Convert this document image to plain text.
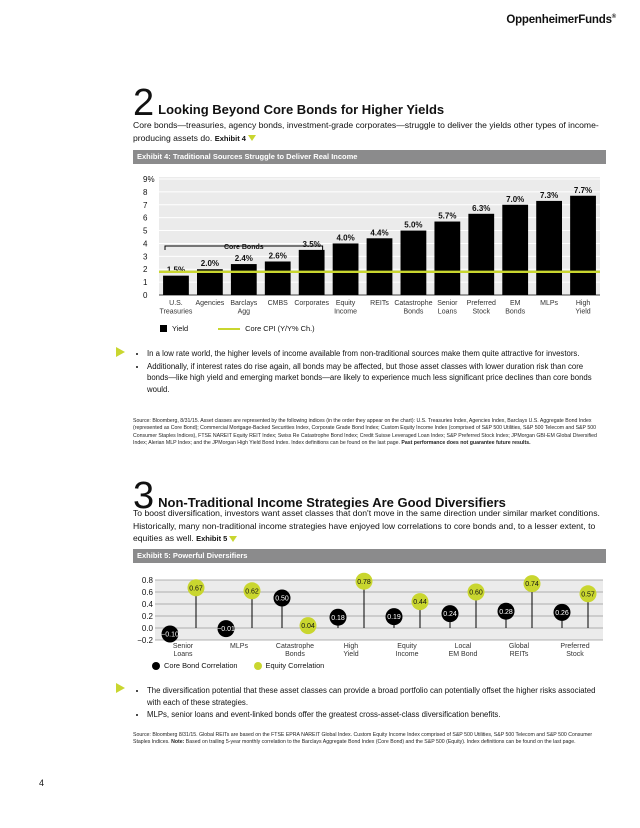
OppenheimerFunds®
2 Looking Beyond Core Bonds for Higher Yields
Core bonds—treasuries, agency bonds, investment-grade corporates—struggle to deliver the yields other types of income-producing assets do. Exhibit 4
Exhibit 4: Traditional Sources Struggle to Deliver Real Income
0
1
2
3
4
5
6
7
8
9%
1.5%
U.S.
Treasuries
2.0%
Agencies
2.4%
Barclays
Agg
2.6%
CMBS
3.5%
Corporates
4.0%
Equity
Income
4.4%
REITs
5.0%
Catastrophe
Bonds
5.7%
Senior
Loans
6.3%
Preferred
Stock
7.0%
EM
Bonds
7.3%
MLPs
7.7%
High
Yield
Core Bonds
Yield	Core CPI (Y/Y% Ch.)
• In a low rate world, the higher levels of income available from non-traditional sources make them quite attractive for investors.
• Additionally, if interest rates do rise again, all bonds may be affected, but those asset classes with lower duration risk than core bonds—like high yield and emerging market bonds—are likely to experience much less significant price declines than core bonds would.
Source: Bloomberg, 8/31/15. Asset classes are represented by the following indices (in the order they appear on the chart): U.S. Treasuries Index, Agencies Index, Barclays U.S. Aggregate Bond Index (represented as Core Bond); Commercial Mortgage-Backed Securities Index, Corporate Grade Bond Index; Custom Equity Income Index (comprised of S&P 500 Utilities, S&P 500 Telecom and S&P 500 Consumer Staples Indices), FTSE NAREIT Equity REIT Index; Swiss Re Catastrophe Bond Index; Credit Suisse Leveraged Loan Index; S&P Preferred Stock Index; JPMorgan GBI-EM Global Diversified Index; Alerian MLP Index; and the JPMorgan High Yield Bond Index. Index definitions can be found on the last page. Past performance does not guarantee future results.
3 Non-Traditional Income Strategies Are Good Diversifiers
To boost diversification, investors want asset classes that don't move in the same direction under similar market conditions. Historically, many non-traditional income strategies have enjoyed low correlations to core bonds and, to a lesser extent, to equities as well. Exhibit 5
Exhibit 5: Powerful Diversifiers
−0.2
0.0
0.2
0.4
0.6
0.8
−0.10
0.67
Senior
Loans
−0.01
0.62
MLPs
0.50
0.04
Catastrophe
Bonds
0.18
0.78
High
Yield
0.19
0.44
Equity
Income
0.24
0.60
Local
EM Bond
0.28
0.74
Global
REITs
0.26
0.57
Preferred
Stock
Core Bond Correlation	Equity Correlation
• The diversification potential that these asset classes can provide a broad portfolio can potentially offset the higher risks associated with each of these strategies.
• MLPs, senior loans and event-linked bonds offer the greatest cross-asset-class diversification benefits.
Source: Bloomberg 8/31/15. Global REITs are based on the FTSE EPRA NAREIT Global Index. Custom Equity Income Index comprised of S&P 500 Utilities, S&P 500 Telecom and S&P 500 Consumer Staples Indices. Note: Based on trailing 5-year monthly correlation to the Barclays Aggregate Bond Index (Core Bond) and the S&P 500 (Equity). Index definitions can be found on the last page.
4
